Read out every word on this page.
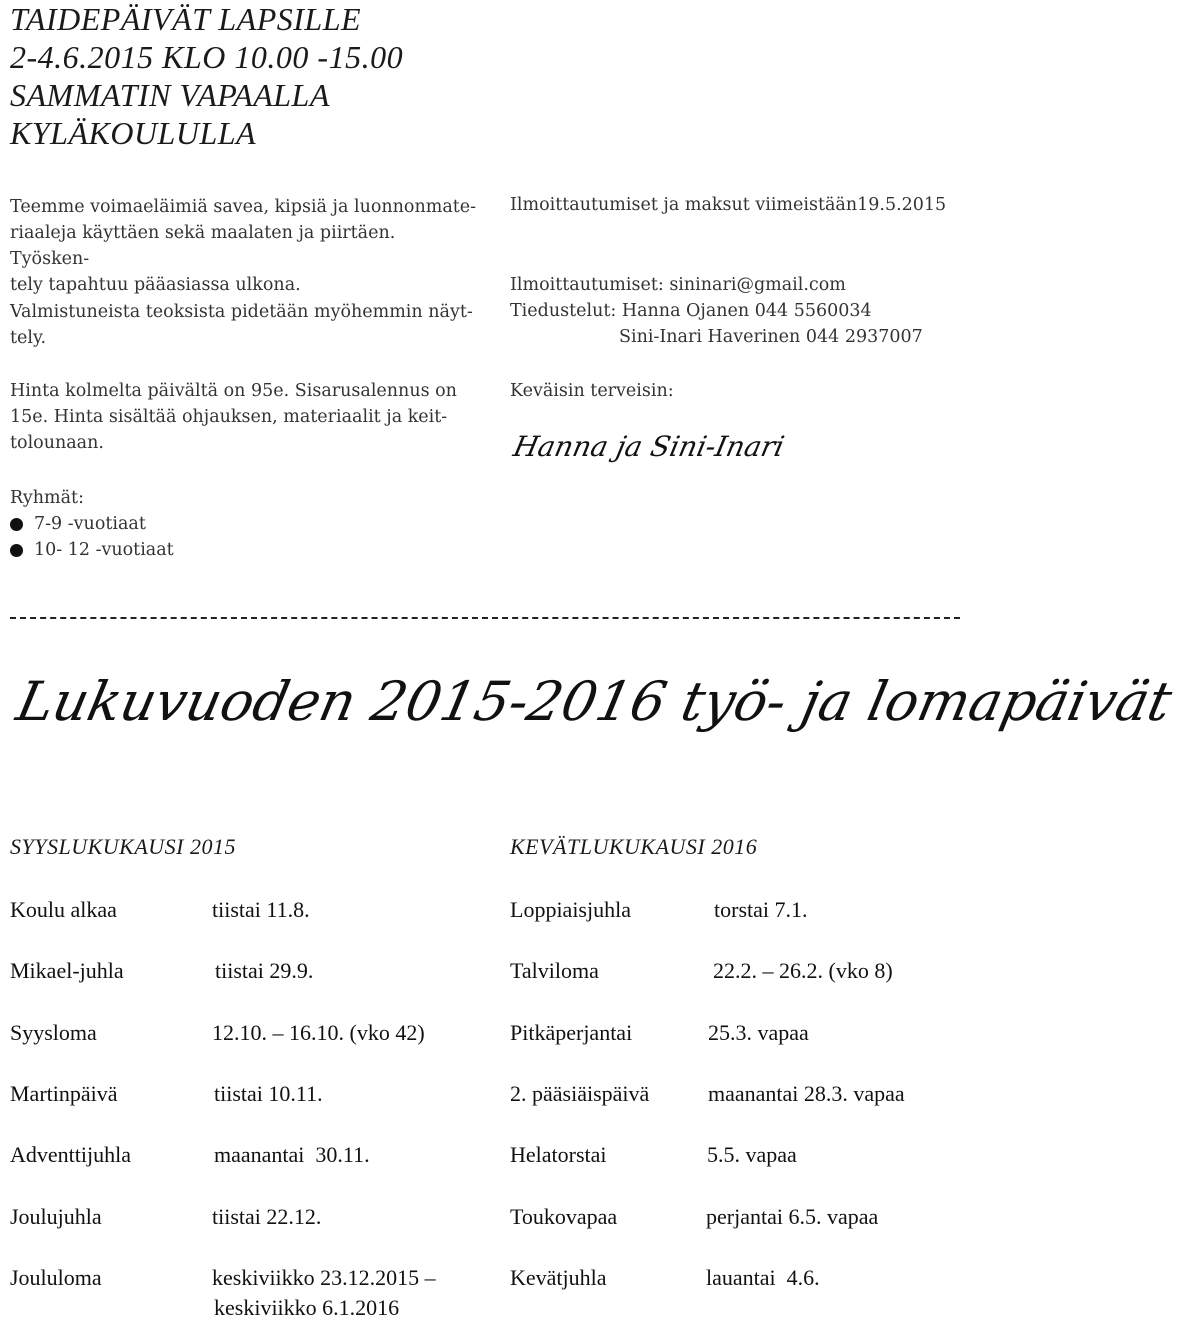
TAIDEPÄIVÄT LAPSILLE
2-4.6.2015 KLO 10.00 -15.00
SAMMATIN VAPAALLA
KYLÄKOULULLA
Teemme voimaeläimiä savea, kipsiä ja luonnonmate-
riaaleja käyttäen sekä maalaten ja piirtäen. Työsken-
tely tapahtuu pääasiassa ulkona.
Valmistuneista teoksista pidetään myöhemmin näyt-
tely.
Hinta kolmelta päivältä on 95e. Sisarusalennus on
15e. Hinta sisältää ohjauksen, materiaalit ja keit-
tolounaan.
Ryhmät:
7-9 -vuotiaat
10- 12 -vuotiaat
Ilmoittautumiset ja maksut viimeistään19.5.2015
Ilmoittautumiset: sininari@gmail.com
Tiedustelut: Hanna Ojanen 044 5560034
Sini-Inari Haverinen 044 2937007
Keväisin terveisin:
Hanna ja Sini-Inari
Lukuvuoden 2015-2016 työ- ja lomapäivät
SYYSLUKUKAUSI 2015
Koulu alkaa	tiistai 11.8.
Mikael-juhla	tiistai 29.9.
Syysloma	12.10. – 16.10. (vko 42)
Martinpäivä	tiistai 10.11.
Adventtijuhla	maanantai  30.11.
Joulujuhla	tiistai 22.12.
Joululoma	keskiviikko 23.12.2015 –
keskiviikko 6.1.2016
KEVÄTLUKUKAUSI 2016
Loppiaisjuhla	torstai 7.1.
Talviloma	22.2. – 26.2. (vko 8)
Pitkäperjantai	25.3. vapaa
2. pääsiäispäivä	maanantai 28.3. vapaa
Helatorstai	5.5. vapaa
Toukovapaa	perjantai 6.5. vapaa
Kevätjuhla	lauantai  4.6.
